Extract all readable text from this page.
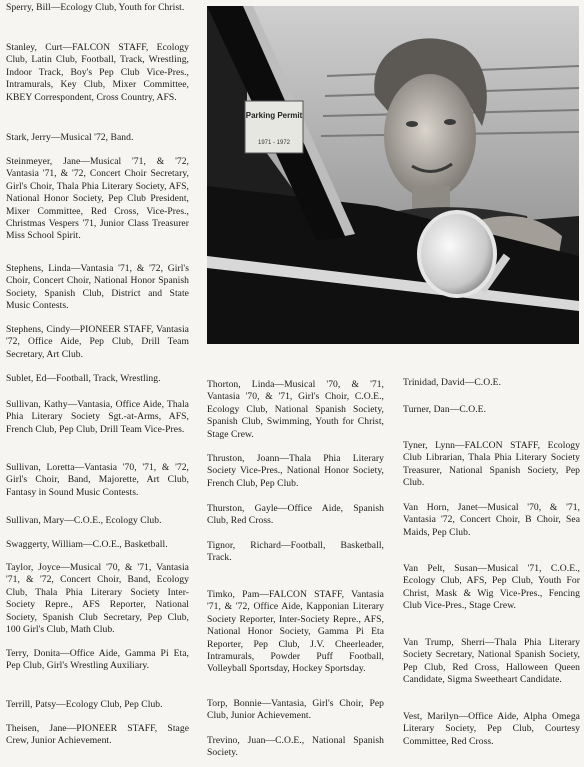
Sperry, Bill—Ecology Club, Youth for Christ.
Stanley, Curt—FALCON STAFF, Ecology Club, Latin Club, Football, Track, Wrestling, Indoor Track, Boy's Pep Club Vice-Pres., Intramurals, Key Club, Mixer Committee, KBEY Correspondent, Cross Country, AFS.
Stark, Jerry—Musical '72, Band.
Steinmeyer, Jane—Musical '71, & '72, Vantasia '71, & '72, Concert Choir Secretary, Girl's Choir, Thala Phia Literary Society, AFS, National Honor Society, Pep Club President, Mixer Committee, Red Cross, Vice-Pres., Christmas Vespers '71, Junior Class Treasurer Miss School Spirit.
Stephens, Linda—Vantasia '71, & '72, Girl's Choir, Concert Choir, National Honor Spanish Society, Spanish Club, District and State Music Contests.
Stephens, Cindy—PIONEER STAFF, Vantasia '72, Office Aide, Pep Club, Drill Team Secretary, Art Club.
Sublet, Ed—Football, Track, Wrestling.
Sullivan, Kathy—Vantasia, Office Aide, Thala Phia Literary Society Sgt.-at-Arms, AFS, French Club, Pep Club, Drill Team Vice-Pres.
Sullivan, Loretta—Vantasia '70, '71, & '72, Girl's Choir, Band, Majorette, Art Club, Fantasy in Sound Music Contests.
Sullivan, Mary—C.O.E., Ecology Club.
Swaggerty, William—C.O.E., Basketball.
Taylor, Joyce—Musical '70, & '71, Vantasia '71, & '72, Concert Choir, Band, Ecology Club, Thala Phia Literary Society Inter-Society Repre., AFS Reporter, National Society, Spanish Club Secretary, Pep Club, 100 Girl's Club, Math Club.
Terry, Donita—Office Aide, Gamma Pi Eta, Pep Club, Girl's Wrestling Auxiliary.
Terrill, Patsy—Ecology Club, Pep Club.
Theisen, Jane—PIONEER STAFF, Stage Crew, Junior Achievement.
Parking Permit
1971 - 1972
Thorton, Linda—Musical '70, & '71, Vantasia '70, & '71, Girl's Choir, C.O.E., Ecology Club, National Spanish Society, Spanish Club, Swimming, Youth for Christ, Stage Crew.
Thruston, Joann—Thala Phia Literary Society Vice-Pres., National Honor Society, French Club, Pep Club.
Thurston, Gayle—Office Aide, Spanish Club, Red Cross.
Tignor, Richard—Football, Basketball, Track.
Timko, Pam—FALCON STAFF, Vantasia '71, & '72, Office Aide, Kapponian Literary Society Reporter, Inter-Society Repre., AFS, National Honor Society, Gamma Pi Eta Reporter, Pep Club, J.V. Cheerleader, Intramurals, Powder Puff Football, Volleyball Sportsday, Hockey Sportsday.
Torp, Bonnie—Vantasia, Girl's Choir, Pep Club, Junior Achievement.
Trevino, Juan—C.O.E., National Spanish Society.
Trinidad, David—C.O.E.
Turner, Dan—C.O.E.
Tyner, Lynn—FALCON STAFF, Ecology Club Librarian, Thala Phia Literary Society Treasurer, National Spanish Society, Pep Club.
Van Horn, Janet—Musical '70, & '71, Vantasia '72, Concert Choir, B Choir, Sea Maids, Pep Club.
Van Pelt, Susan—Musical '71, C.O.E., Ecology Club, AFS, Pep Club, Youth For Christ, Mask & Wig Vice-Pres., Fencing Club Vice-Pres., Stage Crew.
Van Trump, Sherri—Thala Phia Literary Society Secretary, National Spanish Society, Pep Club, Red Cross, Halloween Queen Candidate, Sigma Sweetheart Candidate.
Vest, Marilyn—Office Aide, Alpha Omega Literary Society, Pep Club, Courtesy Committee, Red Cross.
